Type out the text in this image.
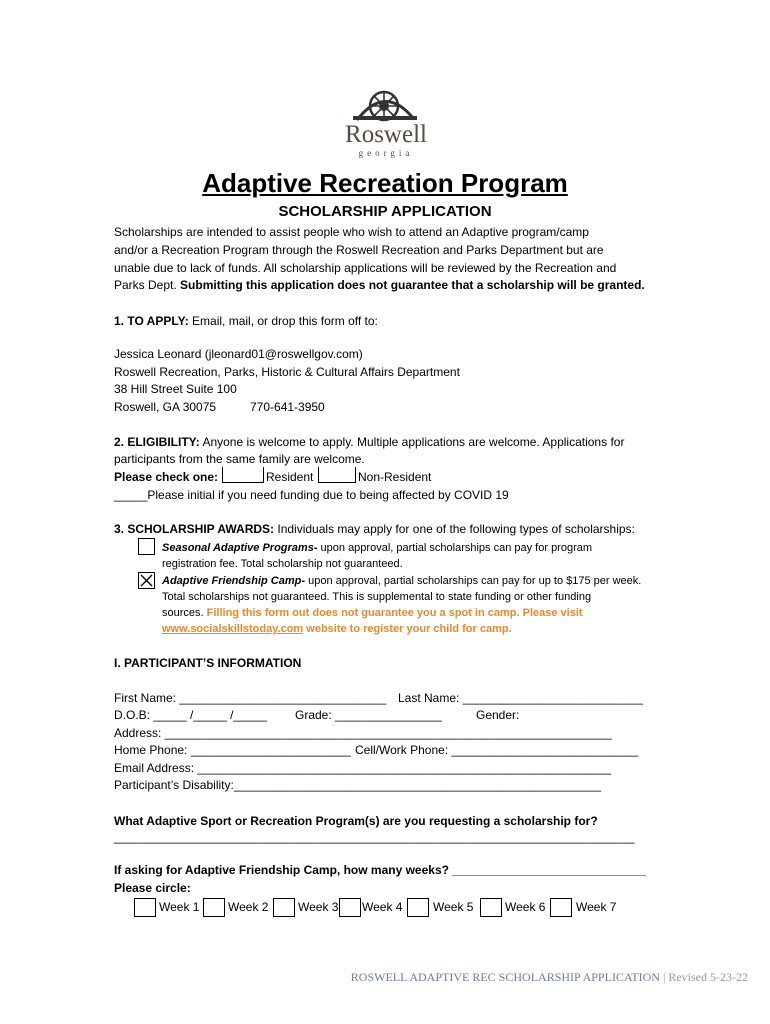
Roswell
georgia
Adaptive Recreation Program
SCHOLARSHIP APPLICATION
Scholarships are intended to assist people who wish to attend an Adaptive program/camp
and/or a Recreation Program through the Roswell Recreation and Parks Department but are
unable due to lack of funds. All scholarship applications will be reviewed by the Recreation and
Parks Dept. Submitting this application does not guarantee that a scholarship will be granted.
1. TO APPLY: Email, mail, or drop this form off to:
Jessica Leonard (jleonard01@roswellgov.com)
Roswell Recreation, Parks, Historic & Cultural Affairs Department
38 Hill Street Suite 100
Roswell, GA 30075	770-641-3950
2. ELIGIBILITY: Anyone is welcome to apply. Multiple applications are welcome. Applications for
participants from the same family are welcome.
Please check one:	Resident	Non-Resident
_____Please initial if you need funding due to being affected by COVID 19
3. SCHOLARSHIP AWARDS: Individuals may apply for one of the following types of scholarships:
Seasonal Adaptive Programs- upon approval, partial scholarships can pay for program
registration fee. Total scholarship not guaranteed.
Adaptive Friendship Camp- upon approval, partial scholarships can pay for up to $175 per week.
Total scholarships not guaranteed. This is supplemental to state funding or other funding
sources. Filling this form out does not guarantee you a spot in camp. Please visit
www.socialskillstoday.com website to register your child for camp.
I. PARTICIPANT’S INFORMATION
First Name: _______________________________ Last Name: ___________________________
D.O.B: _____ /_____ /_____ Grade: ________________	Gender:
Address: ___________________________________________________________________
Home Phone: ________________________ Cell/Work Phone: ____________________________
Email Address: ______________________________________________________________
Participant’s Disability:_______________________________________________________
What Adaptive Sport or Recreation Program(s) are you requesting a scholarship for?
______________________________________________________________________________
If asking for Adaptive Friendship Camp, how many weeks? _____________________________
Please circle:
Week 1 Week 2 Week 3 Week 4	Week 5	Week 6	Week 7
ROSWELL ADAPTIVE REC SCHOLARSHIP APPLICATION | Revised 5-23-22
